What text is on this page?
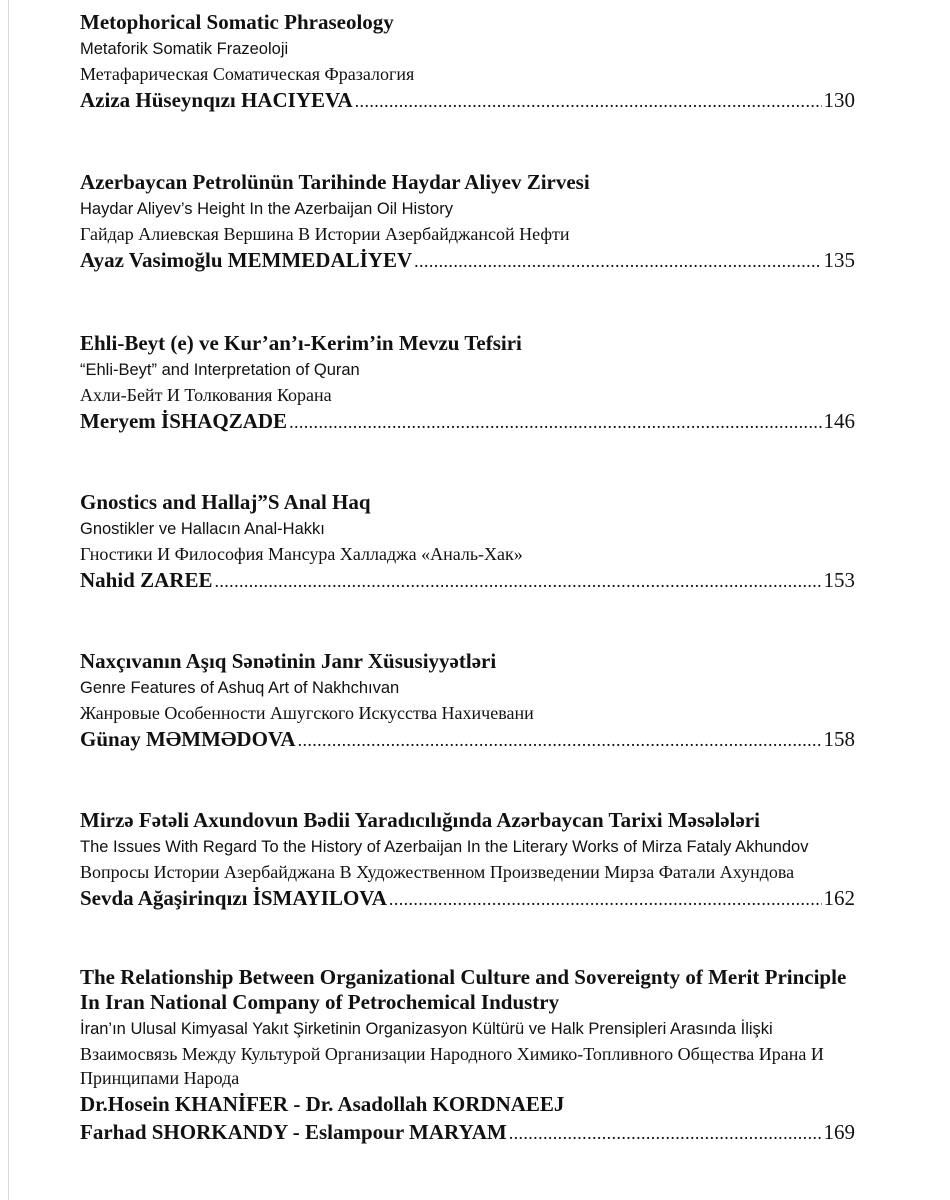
Metophorical Somatic Phraseology
Metaforik Somatik Frazeoloji
Метафарическая Соматическая Фразалогия
Aziza Hüseynqızı HACIYEVA .....	130
Azerbaycan Petrolünün Tarihinde Haydar Aliyev Zirvesi
Haydar Aliyev’s Height In the Azerbaijan Oil History
Гайдар Алиевская Вершина В Истории Азербайджансой Нефти
Ayaz Vasimoğlu MEMMEDALİYEV .....	135
Ehli-Beyt (e) ve Kur’an’ı-Kerim’in Mevzu Tefsiri
“Ehli-Beyt” and Interpretation of Quran
Ахли-Бейт И Толкования Корана
Meryem İSHAQZADE .....	146
Gnostics and Hallaj”S Anal Haq
Gnostikler ve Hallacın Anal-Hakkı
Гностики И Философия Мансура Халладжа «Аналь-Хак»
Nahid ZAREE .....	153
Naxçıvanın Aşıq Sənətinin Janr Xüsusiyyətləri
Genre Features of Ashuq Art of Nakhchıvan
Жанровые Особенности Ашугского Искусства Нахичевани
Günay MƏMMƏDOVA .....	158
Mirzə Fətəli Axundovun Bədii Yaradıcılığında Azərbaycan Tarixi Məsələləri
The Issues With Regard To the History of Azerbaijan In the Literary Works of Mirza Fataly Akhundov
Вопросы Истории Азербайджана В Художественном Произведении Мирза Фатали Ахундова
Sevda Ağaşirinqızı İSMAYILOVA .....	162
The Relationship Between Organizational Culture and Sovereignty of Merit Principle In Iran National Company of Petrochemical Industry
İran’ın Ulusal Kimyasal Yakıt Şirketinin Organizasyon Kültürü ve Halk Prensipleri Arasında İlişki
Взаимосвязь Между Культурой Организации Народного Химико-Топливного Общества Ирана И Принципами Народа
Dr.Hosein KHANİFER - Dr. Asadollah KORDNAEEJ
Farhad SHORKANDY - Eslampour MARYAM .....	169
